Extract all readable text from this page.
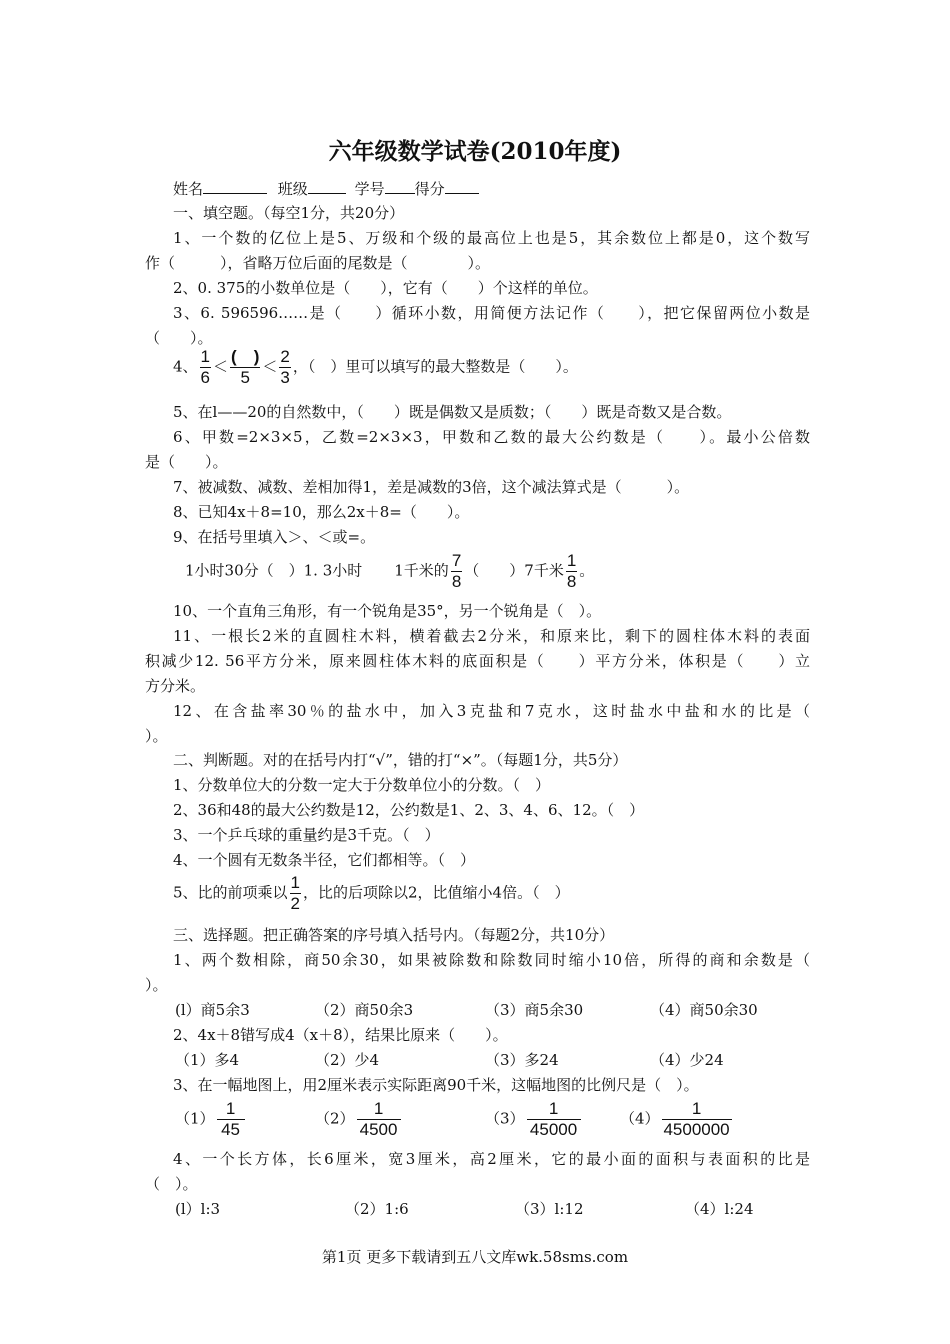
六年级数学试卷(2010年度)
姓名	班级	学号 得分
一、填空题。（每空1分，共20分）
1、一个数的亿位上是5、万级和个级的最高位上也是5，其余数位上都是0，这个数写
作（　　　），省略万位后面的尾数是（　　　　）。
2、0. 375的小数单位是（　　），它有（　　）个这样的单位。
3、6. 596596……是（　　）循环小数，用简便方法记作（　　），把它保留两位小数是
（　　）。
4、 $\frac{1}{6} < \frac{( )}{5} < \frac{2}{3}$ ，（　）里可以填写的最大整数是（　　）。
5、在l——20的自然数中，（　　）既是偶数又是质数；（　　）既是奇数又是合数。
6、甲数=2×3×5，乙数=2×3×3，甲数和乙数的最大公约数是（　　）。最小公倍数
是（　　）。
7、被减数、减数、差相加得1，差是减数的3倍，这个减法算式是（　　　）。
8、已知4x＋8=10，那么2x＋8=（　　）。
9、在括号里填入＞、＜或=。
1小时30分（　）1. 3小时 1千米的 $\frac{7}{8}$ （　　）7千米 $\frac{1}{8}$ 。
10、一个直角三角形，有一个锐角是35°，另一个锐角是（　）。
11、一根长2米的直圆柱木料，横着截去2分米，和原来比，剩下的圆柱体木料的表面
积减少12. 56平方分米，原来圆柱体木料的底面积是（　　）平方分米，体积是（　　）立
方分米。
12、在含盐率30％的盐水中，加入3克盐和7克水，这时盐水中盐和水的比是（
）。
二、判断题。对的在括号内打“√”，错的打“×”。（每题1分，共5分）
1、分数单位大的分数一定大于分数单位小的分数。（　）
2、36和48的最大公约数是12，公约数是1、2、3、4、6、12。（　）
3、一个乒乓球的重量约是3千克。（　）
4、一个圆有无数条半径，它们都相等。（　）
5、比的前项乘以 $\frac{1}{2}$ ，比的后项除以2，比值缩小4倍。（　）
三、选择题。把正确答案的序号填入括号内。（每题2分，共10分）
1、两个数相除，商50余30，如果被除数和除数同时缩小10倍，所得的商和余数是（
）。
(l）商5余3	（2）商50余3	（3）商5余30	（4）商50余30
2、4x＋8错写成4（x＋8），结果比原来（　　）。
（1）多4	（2）少4	（3）多24	（4）少24
3、在一幅地图上，用2厘米表示实际距离90千米，这幅地图的比例尺是（　）。
$(1) \frac{1}{45}$	$(2) \frac{1}{4500}$	$(3) \frac{1}{45000}$	$(4) \frac{1}{4500000}$
4、一个长方体，长6厘米，宽3厘米，高2厘米，它的最小面的面积与表面积的比是
（　）。
(l）l:3	（2）1:6	（3）l:12	（4）l:24
第1页 更多下载请到五八文库wk.58sms.com
